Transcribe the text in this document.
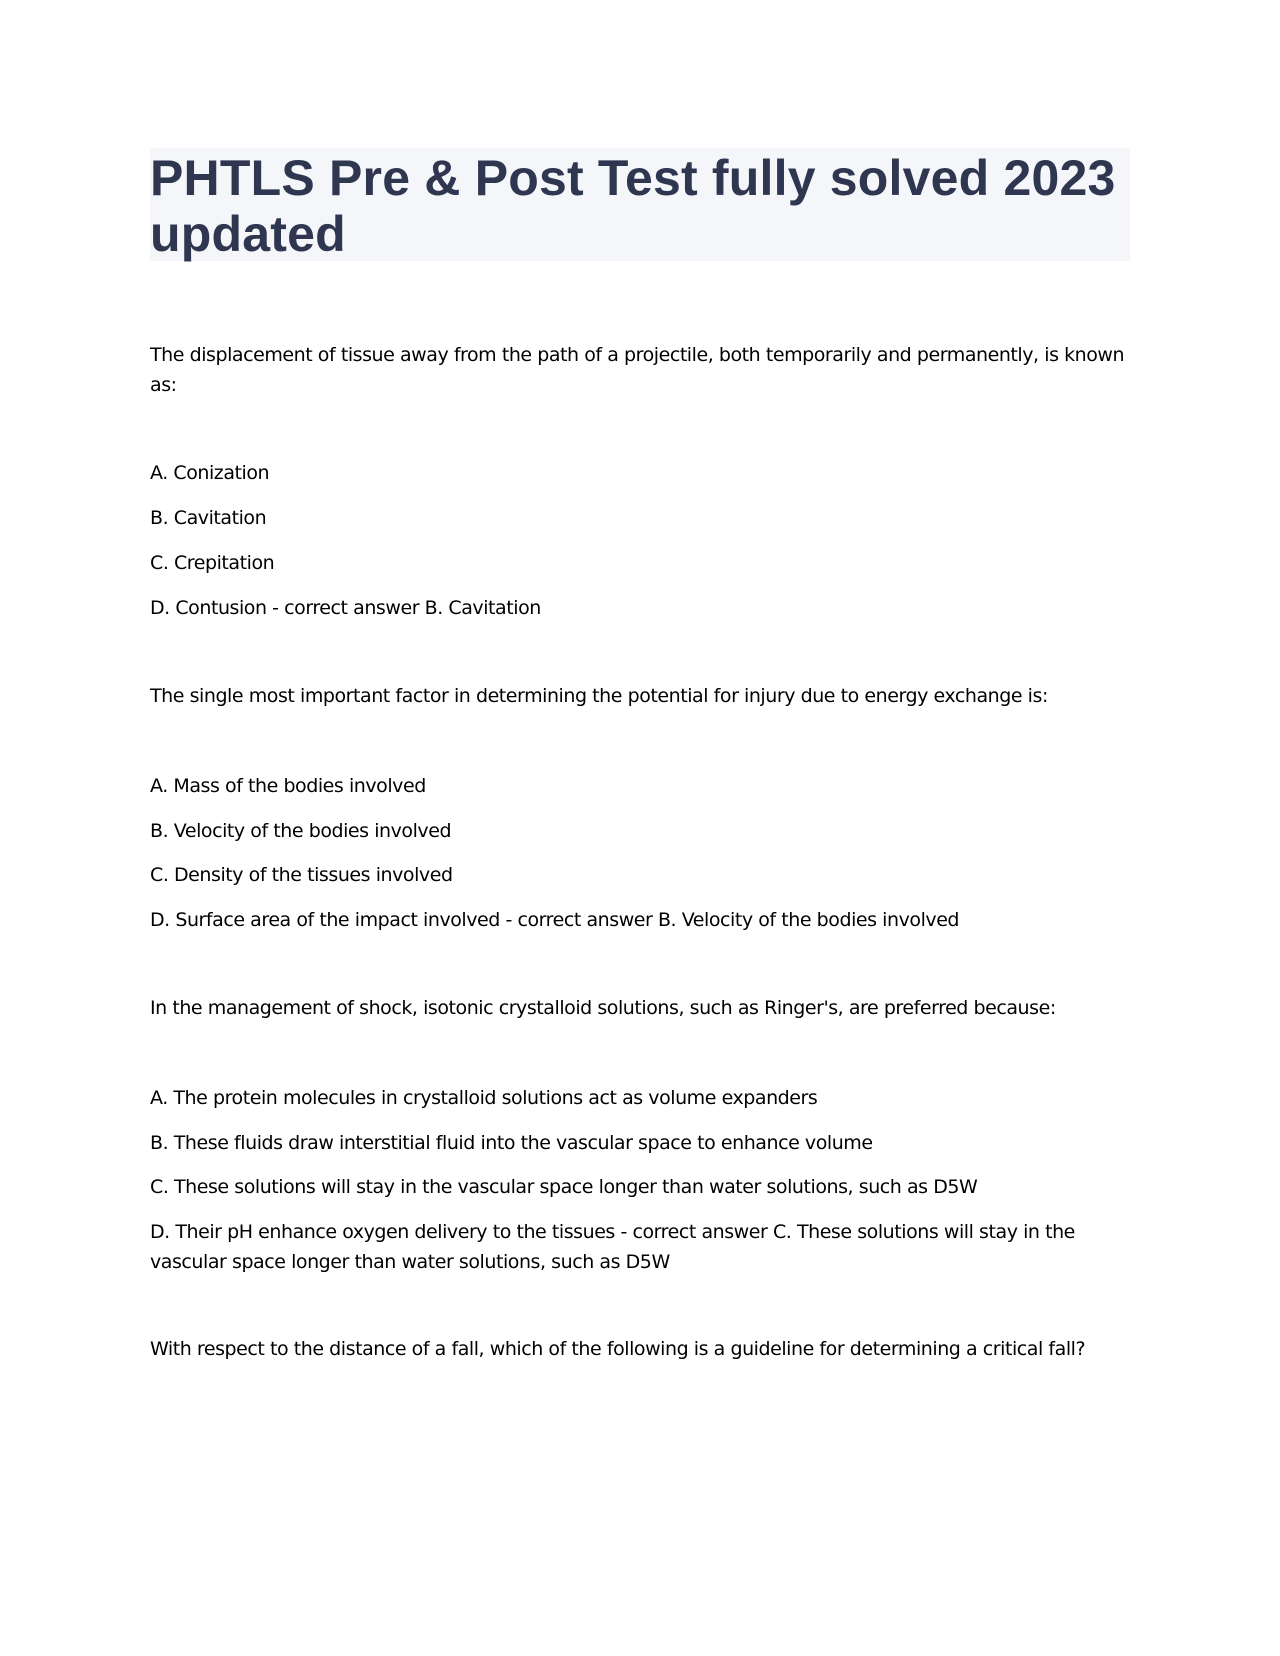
PHTLS Pre & Post Test fully solved 2023 updated

The displacement of tissue away from the path of a projectile, both temporarily and permanently, is known as:

A. Conization

B. Cavitation

C. Crepitation

D. Contusion - correct answer B. Cavitation

The single most important factor in determining the potential for injury due to energy exchange is:

A. Mass of the bodies involved

B. Velocity of the bodies involved

C. Density of the tissues involved

D. Surface area of the impact involved - correct answer B. Velocity of the bodies involved

In the management of shock, isotonic crystalloid solutions, such as Ringer's, are preferred because:

A. The protein molecules in crystalloid solutions act as volume expanders

B. These fluids draw interstitial fluid into the vascular space to enhance volume

C. These solutions will stay in the vascular space longer than water solutions, such as D5W

D. Their pH enhance oxygen delivery to the tissues - correct answer C. These solutions will stay in the vascular space longer than water solutions, such as D5W

With respect to the distance of a fall, which of the following is a guideline for determining a critical fall?
